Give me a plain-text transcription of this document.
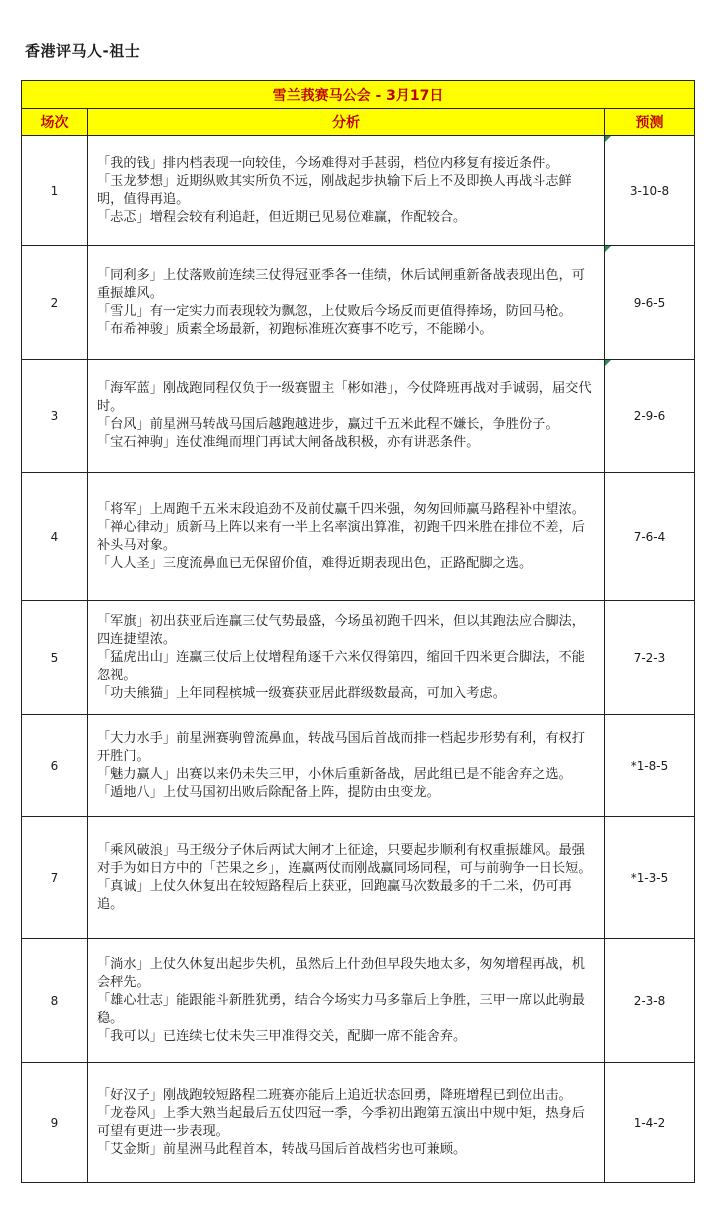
香港评马人-祖士
雪兰莪赛马公会 - 3月17日		
场次	分析	预测
1	「我的钱」排内档表现一向较佳，今场难得对手甚弱，档位内移复有接近条件。

「玉龙梦想」近期纵败其实所负不远，刚战起步执输下后上不及即换人再战斗志鲜明，值得再追。

「忐忑」增程会较有利追赶，但近期已见易位难赢，作配较合。	3-10-8
2	「同利多」上仗落败前连续三仗得冠亚季各一佳绩，休后试闸重新备战表现出色，可重振雄风。

「雪儿」有一定实力而表现较为飘忽，上仗败后今场反而更值得捧场，防回马枪。

「布希神骏」质素全场最新，初跑标准班次赛事不吃亏，不能睇小。	9-6-5
3	「海军蓝」刚战跑同程仅负于一级赛盟主「彬如港」，今仗降班再战对手诚弱，届交代时。

「台风」前星洲马转战马国后越跑越进步，赢过千五米此程不嫌长，争胜份子。

「宝石神驹」连仗准绳而埋门再试大闸备战积极，亦有讲恶条件。	2-9-6
4	「将军」上周跑千五米末段追劲不及前仗赢千四米强，匆匆回师赢马路程补中望浓。

「禅心律动」质新马上阵以来有一半上名率演出算准，初跑千四米胜在排位不差，后补头马对象。

「人人圣」三度流鼻血已无保留价值，难得近期表现出色，正路配脚之选。	7-6-4
5	「军旗」初出获亚后连赢三仗气势最盛，今场虽初跑千四米，但以其跑法应合脚法，四连捷望浓。

「猛虎出山」连赢三仗后上仗增程角逐千六米仅得第四，缩回千四米更合脚法，不能忽视。

「功夫熊猫」上年同程槟城一级赛获亚居此群级数最高，可加入考虑。	7-2-3
6	「大力水手」前星洲赛驹曾流鼻血，转战马国后首战而排一档起步形势有利，有权打开胜门。

「魅力赢人」出赛以来仍未失三甲，小休后重新备战，居此组已是不能舍弃之选。 「遁地八」上仗马国初出败后除配备上阵，提防由虫变龙。	*1-8-5
7	「乘风破浪」马王级分子休后两试大闸才上征途，只要起步顺利有权重振雄风。最强对手为如日方中的「芒果之乡」，连赢两仗而刚战赢同场同程，可与前驹争一日长短。

「真诚」上仗久休复出在较短路程后上获亚，回跑赢马次数最多的千二米，仍可再追。	*1-3-5
8	「淌水」上仗久休复出起步失机，虽然后上什劲但早段失地太多，匆匆增程再战，机会秤先。

「雄心壮志」能跟能斗新胜犹勇，结合今场实力马多靠后上争胜，三甲一席以此驹最稳。

「我可以」已连续七仗未失三甲准得交关，配脚一席不能舍弃。	2-3-8
9	「好汉子」刚战跑较短路程二班赛亦能后上追近状态回勇，降班增程已到位出击。

「龙卷风」上季大熟当起最后五仗四冠一季，今季初出跑第五演出中规中矩，热身后可望有更进一步表现。

「艾金斯」前星洲马此程首本，转战马国后首战档劣也可兼顾。	1-4-2
